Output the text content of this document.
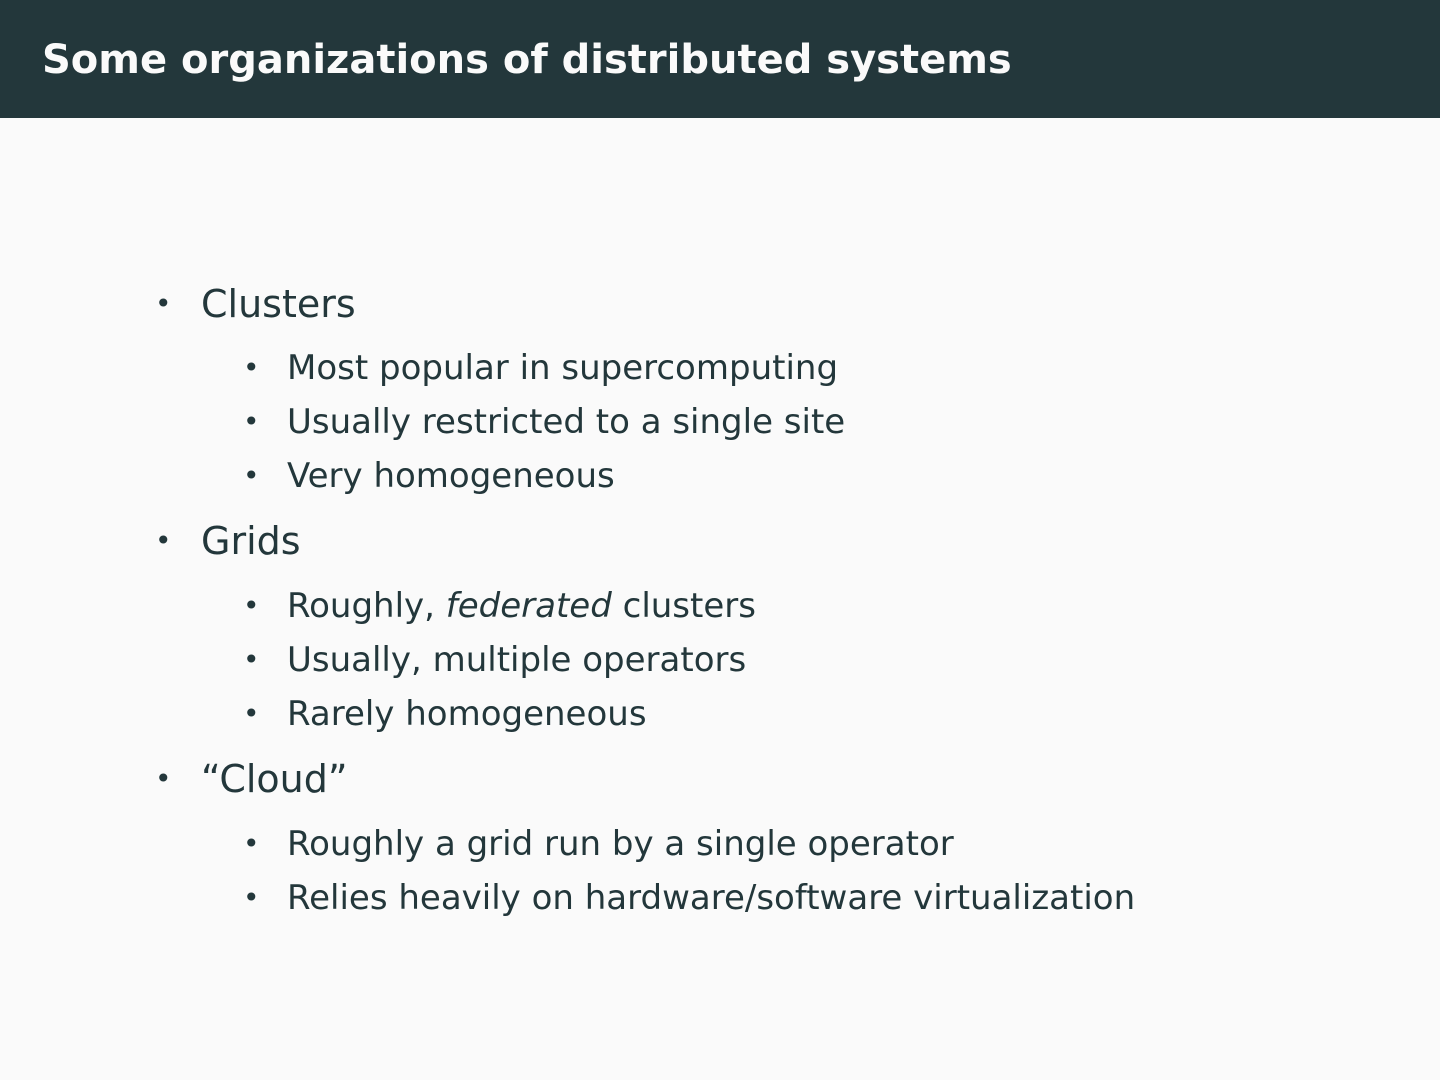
Some organizations of distributed systems
• Clusters
• Most popular in supercomputing
• Usually restricted to a single site
• Very homogeneous
• Grids
• Roughly, federated clusters
• Usually, multiple operators
• Rarely homogeneous
• “Cloud”
• Roughly a grid run by a single operator
• Relies heavily on hardware/software virtualization
